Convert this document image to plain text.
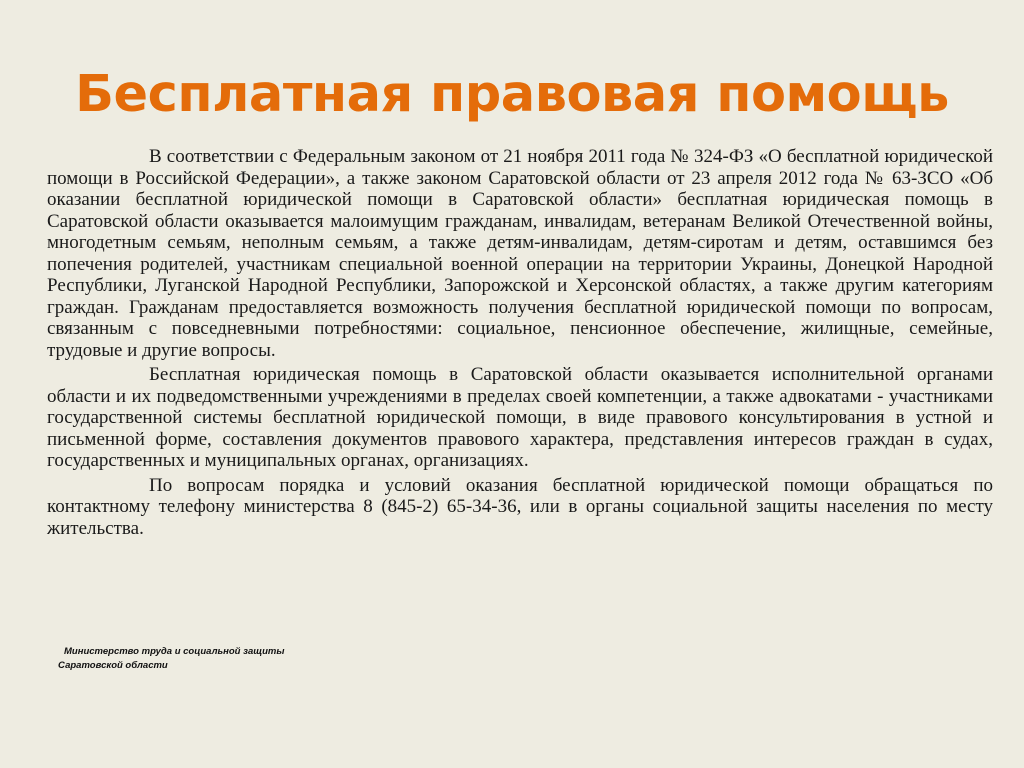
Бесплатная правовая помощь

В соответствии с Федеральным законом от 21 ноября 2011 года № 324-ФЗ «О бесплатной юридической помощи в Российской Федерации», а также законом Саратовской области от 23 апреля 2012 года № 63-ЗСО «Об оказании бесплатной юридической помощи в Саратовской области» бесплатная юридическая помощь в Саратовской области оказывается малоимущим гражданам, инвалидам, ветеранам Великой Отечественной войны, многодетным семьям, неполным семьям, а также детям-инвалидам, детям-сиротам и детям, оставшимся без попечения родителей, участникам специальной военной операции на территории Украины, Донецкой Народной Республики, Луганской Народной Республики, Запорожской и Херсонской областях, а также другим категориям граждан. Гражданам предоставляется возможность получения бесплатной юридической помощи по вопросам, связанным с повседневными потребностями: социальное, пенсионное обеспечение, жилищные, семейные, трудовые и другие вопросы.

Бесплатная юридическая помощь в Саратовской области оказывается исполнительной органами области и их подведомственными учреждениями в пределах своей компетенции, а также адвокатами - участниками государственной системы бесплатной юридической помощи, в виде правового консультирования в устной и письменной форме, составления документов правового характера, представления интересов граждан в судах, государственных и муниципальных органах, организациях.

По вопросам порядка и условий оказания бесплатной юридической помощи обращаться по контактному телефону министерства 8 (845-2) 65-34-36, или в органы социальной защиты населения по месту жительства.

Министерство труда и социальной защиты
Саратовской области
